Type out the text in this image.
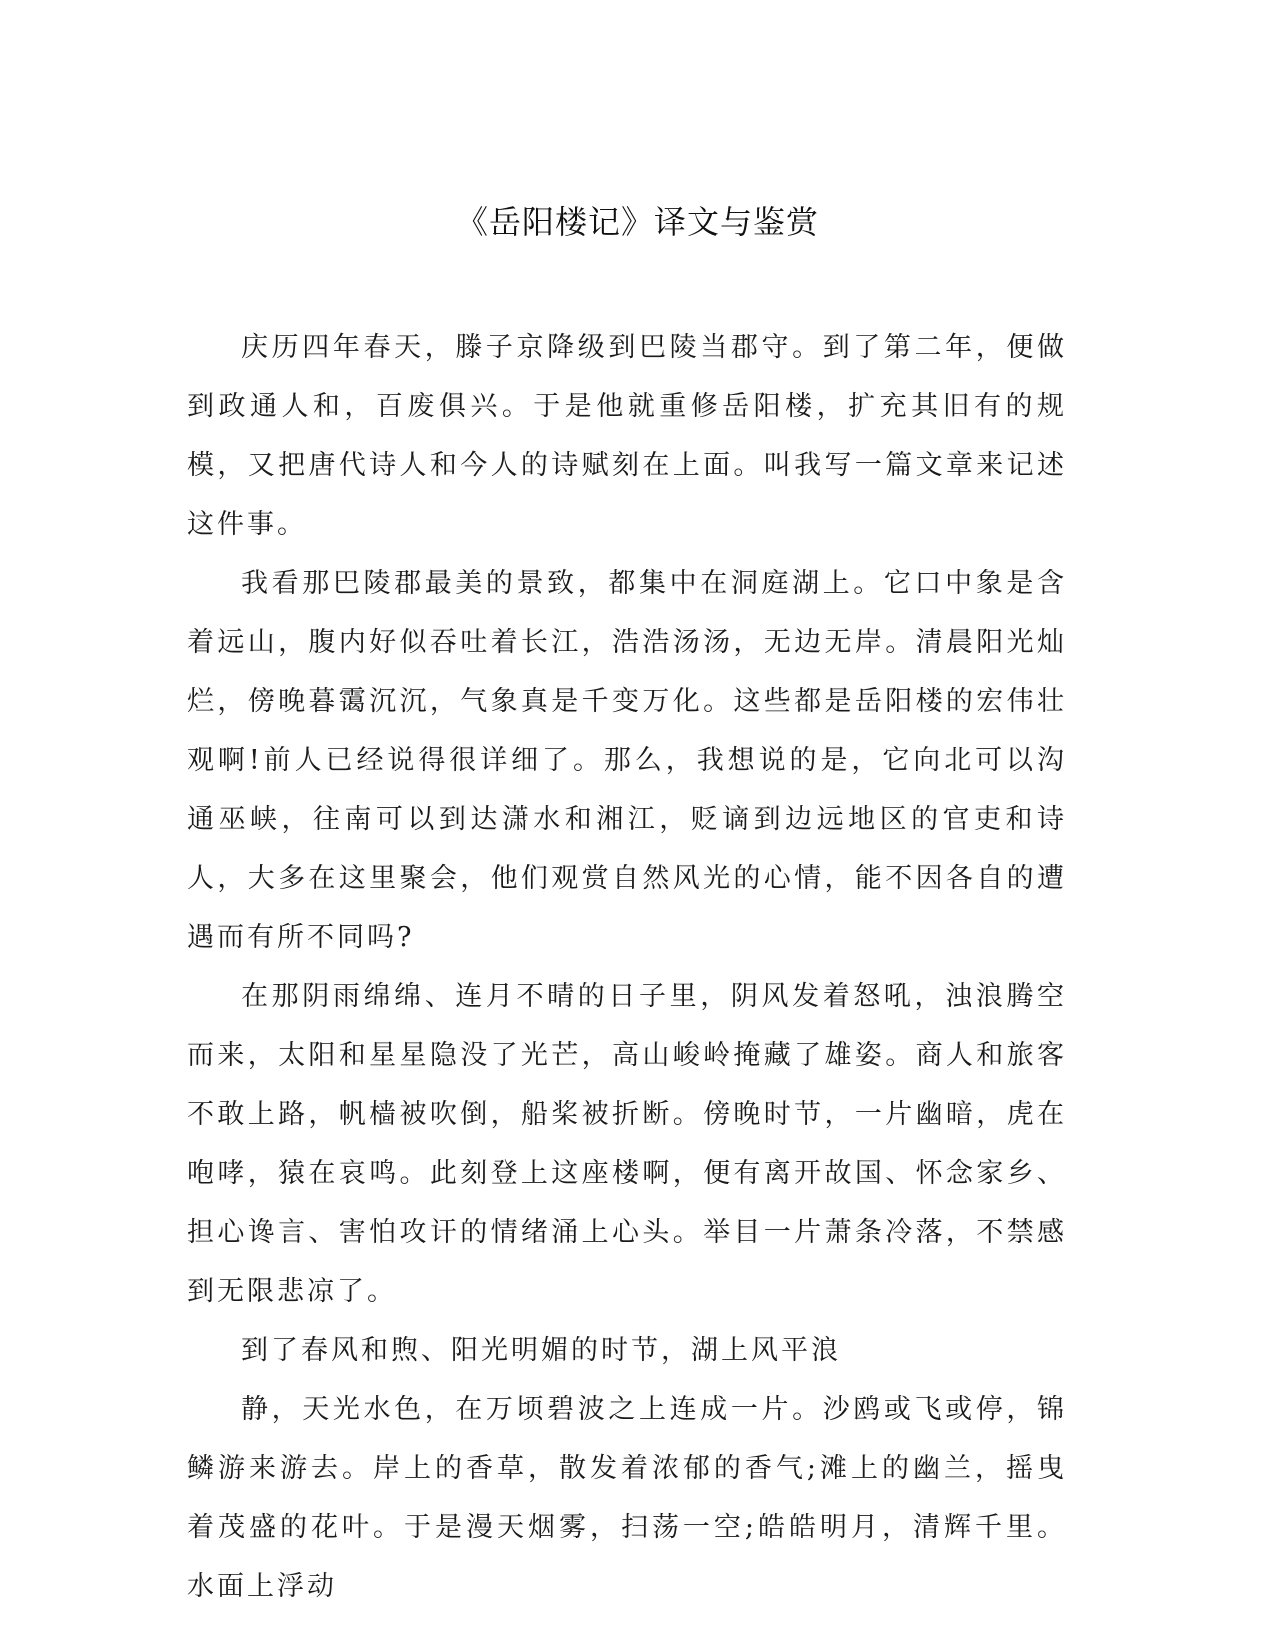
《岳阳楼记》译文与鉴赏

庆历四年春天，滕子京降级到巴陵当郡守。到了第二年，便做到政通人和，百废俱兴。于是他就重修岳阳楼，扩充其旧有的规模，又把唐代诗人和今人的诗赋刻在上面。叫我写一篇文章来记述这件事。

我看那巴陵郡最美的景致，都集中在洞庭湖上。它口中象是含着远山，腹内好似吞吐着长江，浩浩汤汤，无边无岸。清晨阳光灿烂，傍晚暮霭沉沉，气象真是千变万化。这些都是岳阳楼的宏伟壮观啊!前人已经说得很详细了。那么，我想说的是，它向北可以沟通巫峡，往南可以到达潇水和湘江，贬谪到边远地区的官吏和诗人，大多在这里聚会，他们观赏自然风光的心情，能不因各自的遭遇而有所不同吗?

在那阴雨绵绵、连月不晴的日子里，阴风发着怒吼，浊浪腾空而来，太阳和星星隐没了光芒，高山峻岭掩藏了雄姿。商人和旅客不敢上路，帆樯被吹倒，船桨被折断。傍晚时节，一片幽暗，虎在咆哮，猿在哀鸣。此刻登上这座楼啊，便有离开故国、怀念家乡、担心谗言、害怕攻讦的情绪涌上心头。举目一片萧条冷落，不禁感到无限悲凉了。

到了春风和煦、阳光明媚的时节，湖上风平浪

静，天光水色，在万顷碧波之上连成一片。沙鸥或飞或停，锦鳞游来游去。岸上的香草，散发着浓郁的香气;滩上的幽兰，摇曳着茂盛的花叶。于是漫天烟雾，扫荡一空;皓皓明月，清辉千里。水面上浮动
